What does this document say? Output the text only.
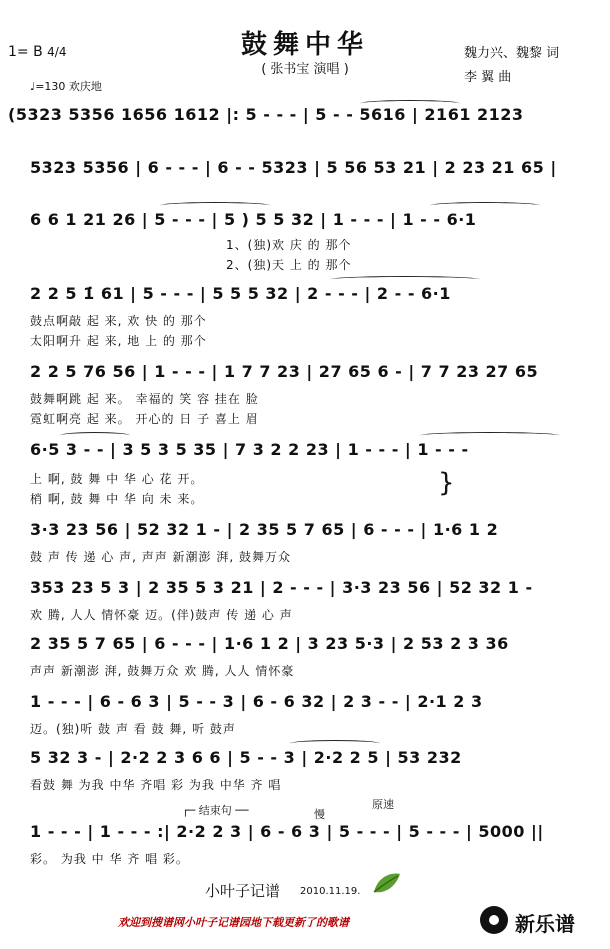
1= B 4/4	鼓舞中华
( 张书宝 演唱 )
♩=130 欢庆地
魏力兴、魏黎 词
李 翼 曲
(5323 5356 1656 1612 |: 5 - - - | 5 - - 5616 | 2161 2123
5323 5356 | 6 - - - | 6 - - 5323 | 5 56 53 21 | 2 23 21 65 |
6 6 1 21 26 | 5 - - - | 5 ) 5 5 32 | 1 - - - | 1 - - 6·1
1、(独)欢 庆 的 那个
2、(独)天 上 的 那个
2 2 5 1̇ 61 | 5 - - - | 5 5 5 32 | 2 - - - | 2 - - 6·1
鼓点啊敲 起 来, 欢 快 的 那个
太阳啊升 起 来, 地 上 的 那个
2 2 5 76 56 | 1 - - - | 1 7 7 23 | 27 65 6 - | 7 7 23 27 65
鼓舞啊跳 起 来。 幸福的 笑 容 挂在 脸
霓虹啊亮 起 来。 开心的 日 子 喜上 眉
6·5 3 - - | 3 5 3 5 35 | 7 3 2 2 23 | 1 - - - | 1 - - -
上 啊, 鼓 舞 中 华 心 花 开。
梢 啊, 鼓 舞 中 华 向 未 来。
}
3·3 23 56 | 52 32 1 - | 2 35 5 7 65 | 6 - - - | 1·6 1 2
鼓 声 传 递 心 声, 声声 新潮澎 湃, 鼓舞万众
353 23 5 3 | 2 35 5 3 21 | 2 - - - | 3·3 23 56 | 52 32 1 -
欢 腾, 人人 情怀豪 迈。(伴)鼓声 传 递 心 声
2 35 5 7 65 | 6 - - - | 1·6 1 2 | 3 23 5·3 | 2 53 2 3 36
声声 新潮澎 湃, 鼓舞万众 欢 腾, 人人 情怀豪
1 - - - | 6 - 6 3 | 5 - - 3 | 6 - 6 32 | 2 3 - - | 2·1 2 3
迈。(独)听 鼓 声 看 鼓 舞, 听 鼓声
5 32 3 - | 2·2 2 3 6 6 | 5 - - 3 | 2·2 2 5 | 53 232
看鼓 舞 为我 中华 齐唱 彩 为我 中华 齐 唱
┌─ 结束句 ──	慢
原速
1 - - - | 1 - - - :| 2·2 2 3 | 6 - 6 3 | 5 - - - | 5 - - - | 5000 ||
彩。 为我 中 华 齐 唱 彩。
小叶子记谱 2010.11.19.
欢迎到搜谱网小叶子记谱园地下载更新了的歌谱	新乐谱
